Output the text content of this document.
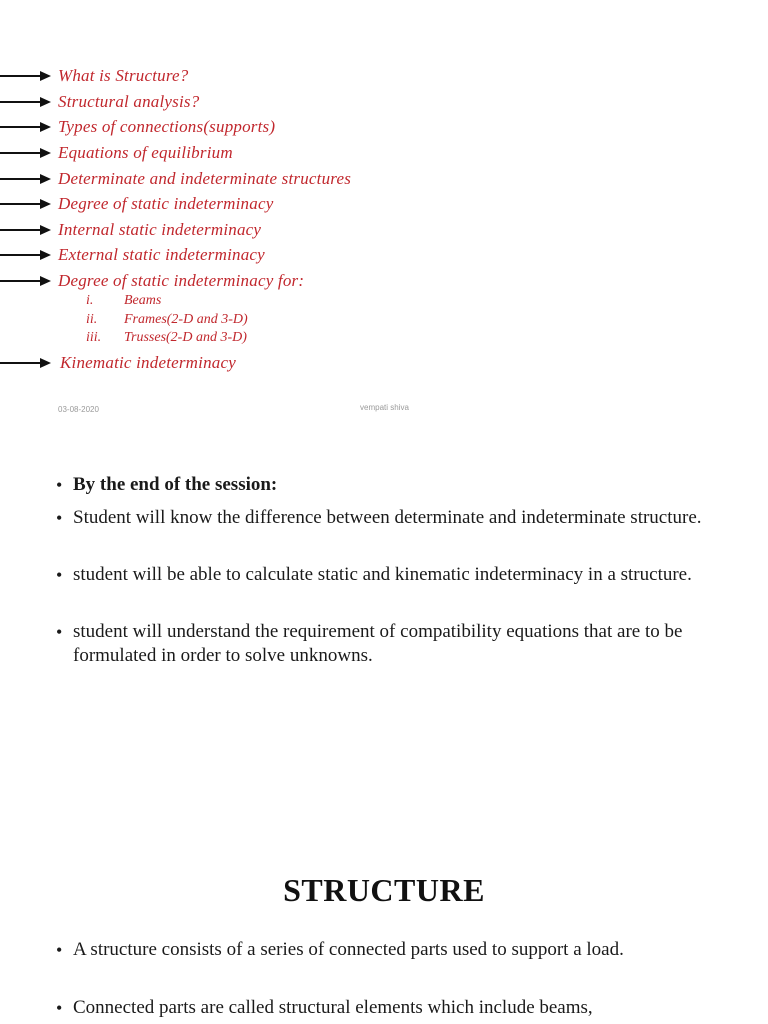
What is Structure?
Structural analysis?
Types of connections(supports)
Equations of equilibrium
Determinate and indeterminate structures
Degree of static indeterminacy
Internal static indeterminacy
External static indeterminacy
Degree of static indeterminacy for:
i.	Beams
ii.	Frames(2-D and 3-D)
iii.	Trusses(2-D and 3-D)
Kinematic indeterminacy
03-08-2020	vempati shiva
• By the end of the session:
• Student will know the difference between determinate and indeterminate structure.
• student will be able to calculate static and kinematic indeterminacy in a structure.
• student will understand the requirement of compatibility equations that are to be formulated in order to solve unknowns.
STRUCTURE
• A structure consists of a series of connected parts used to support a load.
• Connected parts are called structural elements which include beams,
